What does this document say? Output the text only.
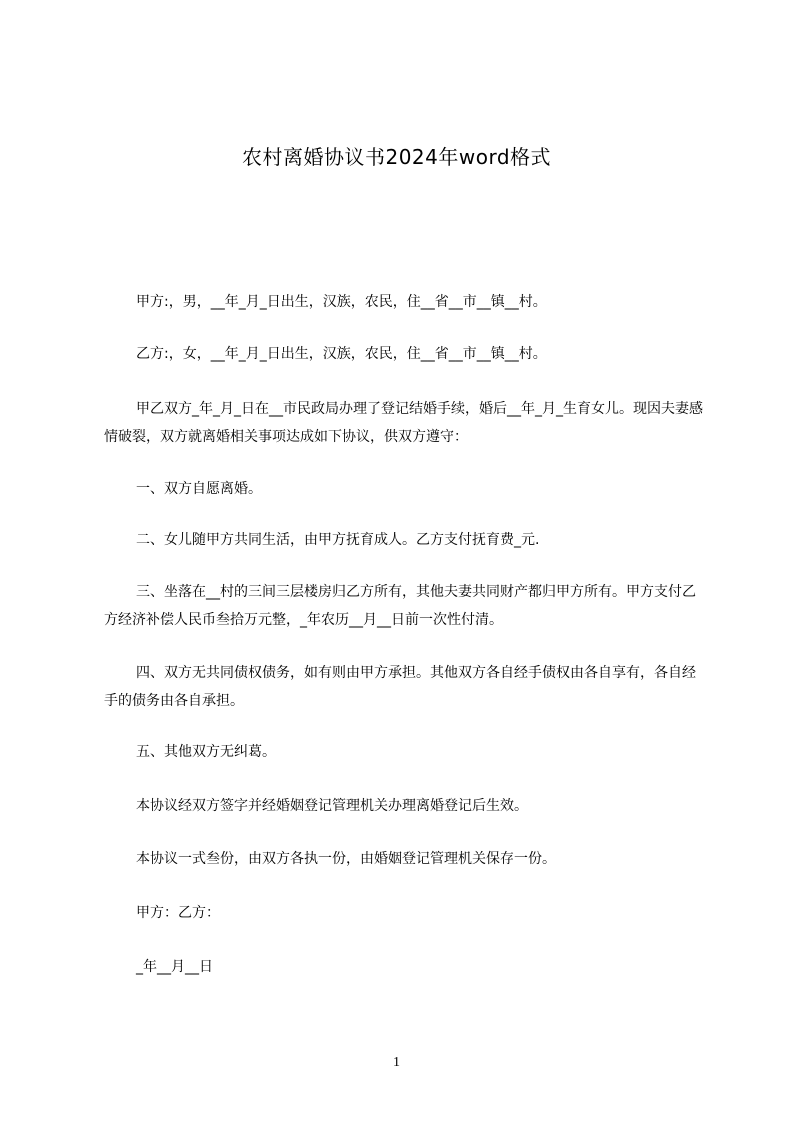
农村离婚协议书2024年word格式
甲方:，男，__年_月_日出生，汉族，农民，住__省__市__镇__村。
乙方:，女，__年_月_日出生，汉族，农民，住__省__市__镇__村。
甲乙双方_年_月_日在__市民政局办理了登记结婚手续，婚后__年_月_生育女儿。现因夫妻感情破裂，双方就离婚相关事项达成如下协议，供双方遵守：
一、双方自愿离婚。
二、女儿随甲方共同生活，由甲方抚育成人。乙方支付抚育费_元.
三、坐落在__村的三间三层楼房归乙方所有，其他夫妻共同财产都归甲方所有。甲方支付乙方经济补偿人民币叁拾万元整，_年农历__月__日前一次性付清。
四、双方无共同债权债务，如有则由甲方承担。其他双方各自经手债权由各自享有，各自经手的债务由各自承担。
五、其他双方无纠葛。
本协议经双方签字并经婚姻登记管理机关办理离婚登记后生效。
本协议一式叁份，由双方各执一份，由婚姻登记管理机关保存一份。
甲方：乙方：
_年__月__日
1
